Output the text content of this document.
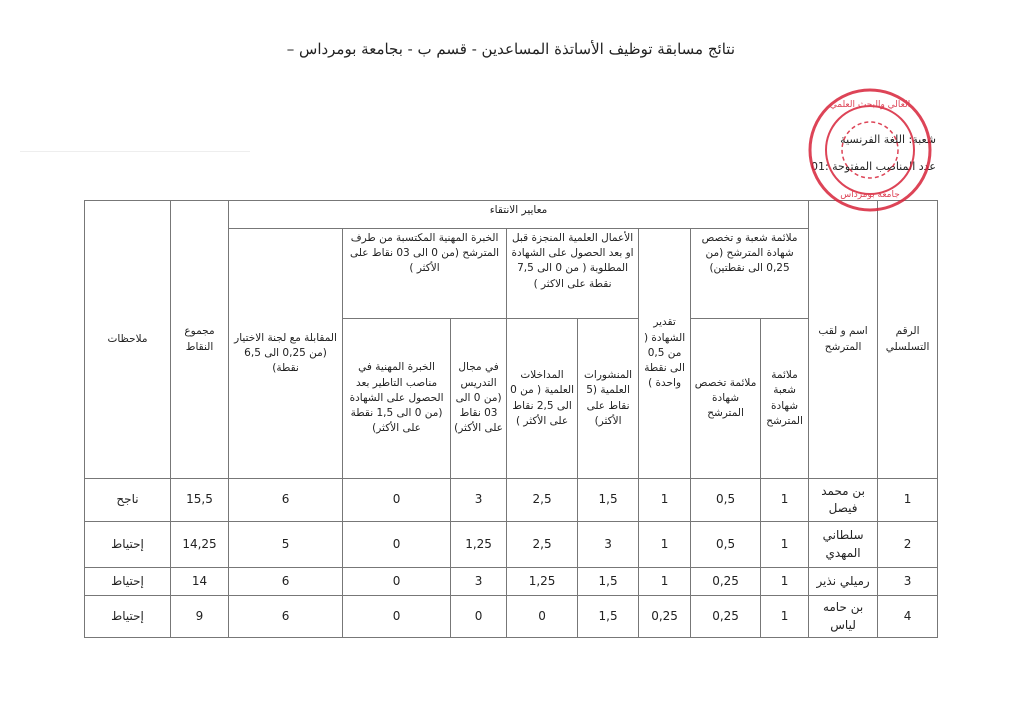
نتائج مسابقة توظيف الأساتذة المساعدين - قسم ب - بجامعة بومرداس –
شعبة: اللغة الفرنسية
عدد المناصب المفتوحة :01
الرقم التسلسلي	اسم و لقب المترشح	معايير الانتقاء								مجموع النقاط	ملاحظات
		ملائمة شعبة و تخصص شهادة المترشح (من 0,25 الى نقطتين)		تقدير الشهادة ( من 0,5 الى نقطة واحدة )	الأعمال العلمية المنجزة قبل او بعد الحصول على الشهادة المطلوبة ( من 0 الى 7,5 نقطة على الاكثر )		الخبرة المهنية المكتسبة من طرف المترشح (من 0 الى 03 نقاط على الأكثر )		المقابلة مع لجنة الاختيار (من 0,25 الى 6,5 نقطة)		
		ملائمة شعبة شهادة المترشح	ملائمة تخصص شهادة المترشح		المنشورات العلمية (5 نقاط على الأكثر)	المداخلات العلمية ( من 0 الى 2,5 نقاط على الأكثر )	في مجال التدريس (من 0 الى 03 نقاط على الأكثر)	الخبرة المهنية في مناصب التاطير بعد الحصول على الشهادة (من 0 الى 1,5 نقطة على الأكثر)			
1	بن محمد فيصل	1	0,5	1	1,5	2,5	3	0	6	15,5	ناجح
2	سلطاني المهدي	1	0,5	1	3	2,5	1,25	0	5	14,25	إحتياط
3	رميلي نذير	1	0,25	1	1,5	1,25	3	0	6	14	إحتياط
4	بن حامه لياس	1	0,25	0,25	1,5	0	0	0	6	9	إحتياط
العالي والبحث العلمي
جامعة بومرداس
